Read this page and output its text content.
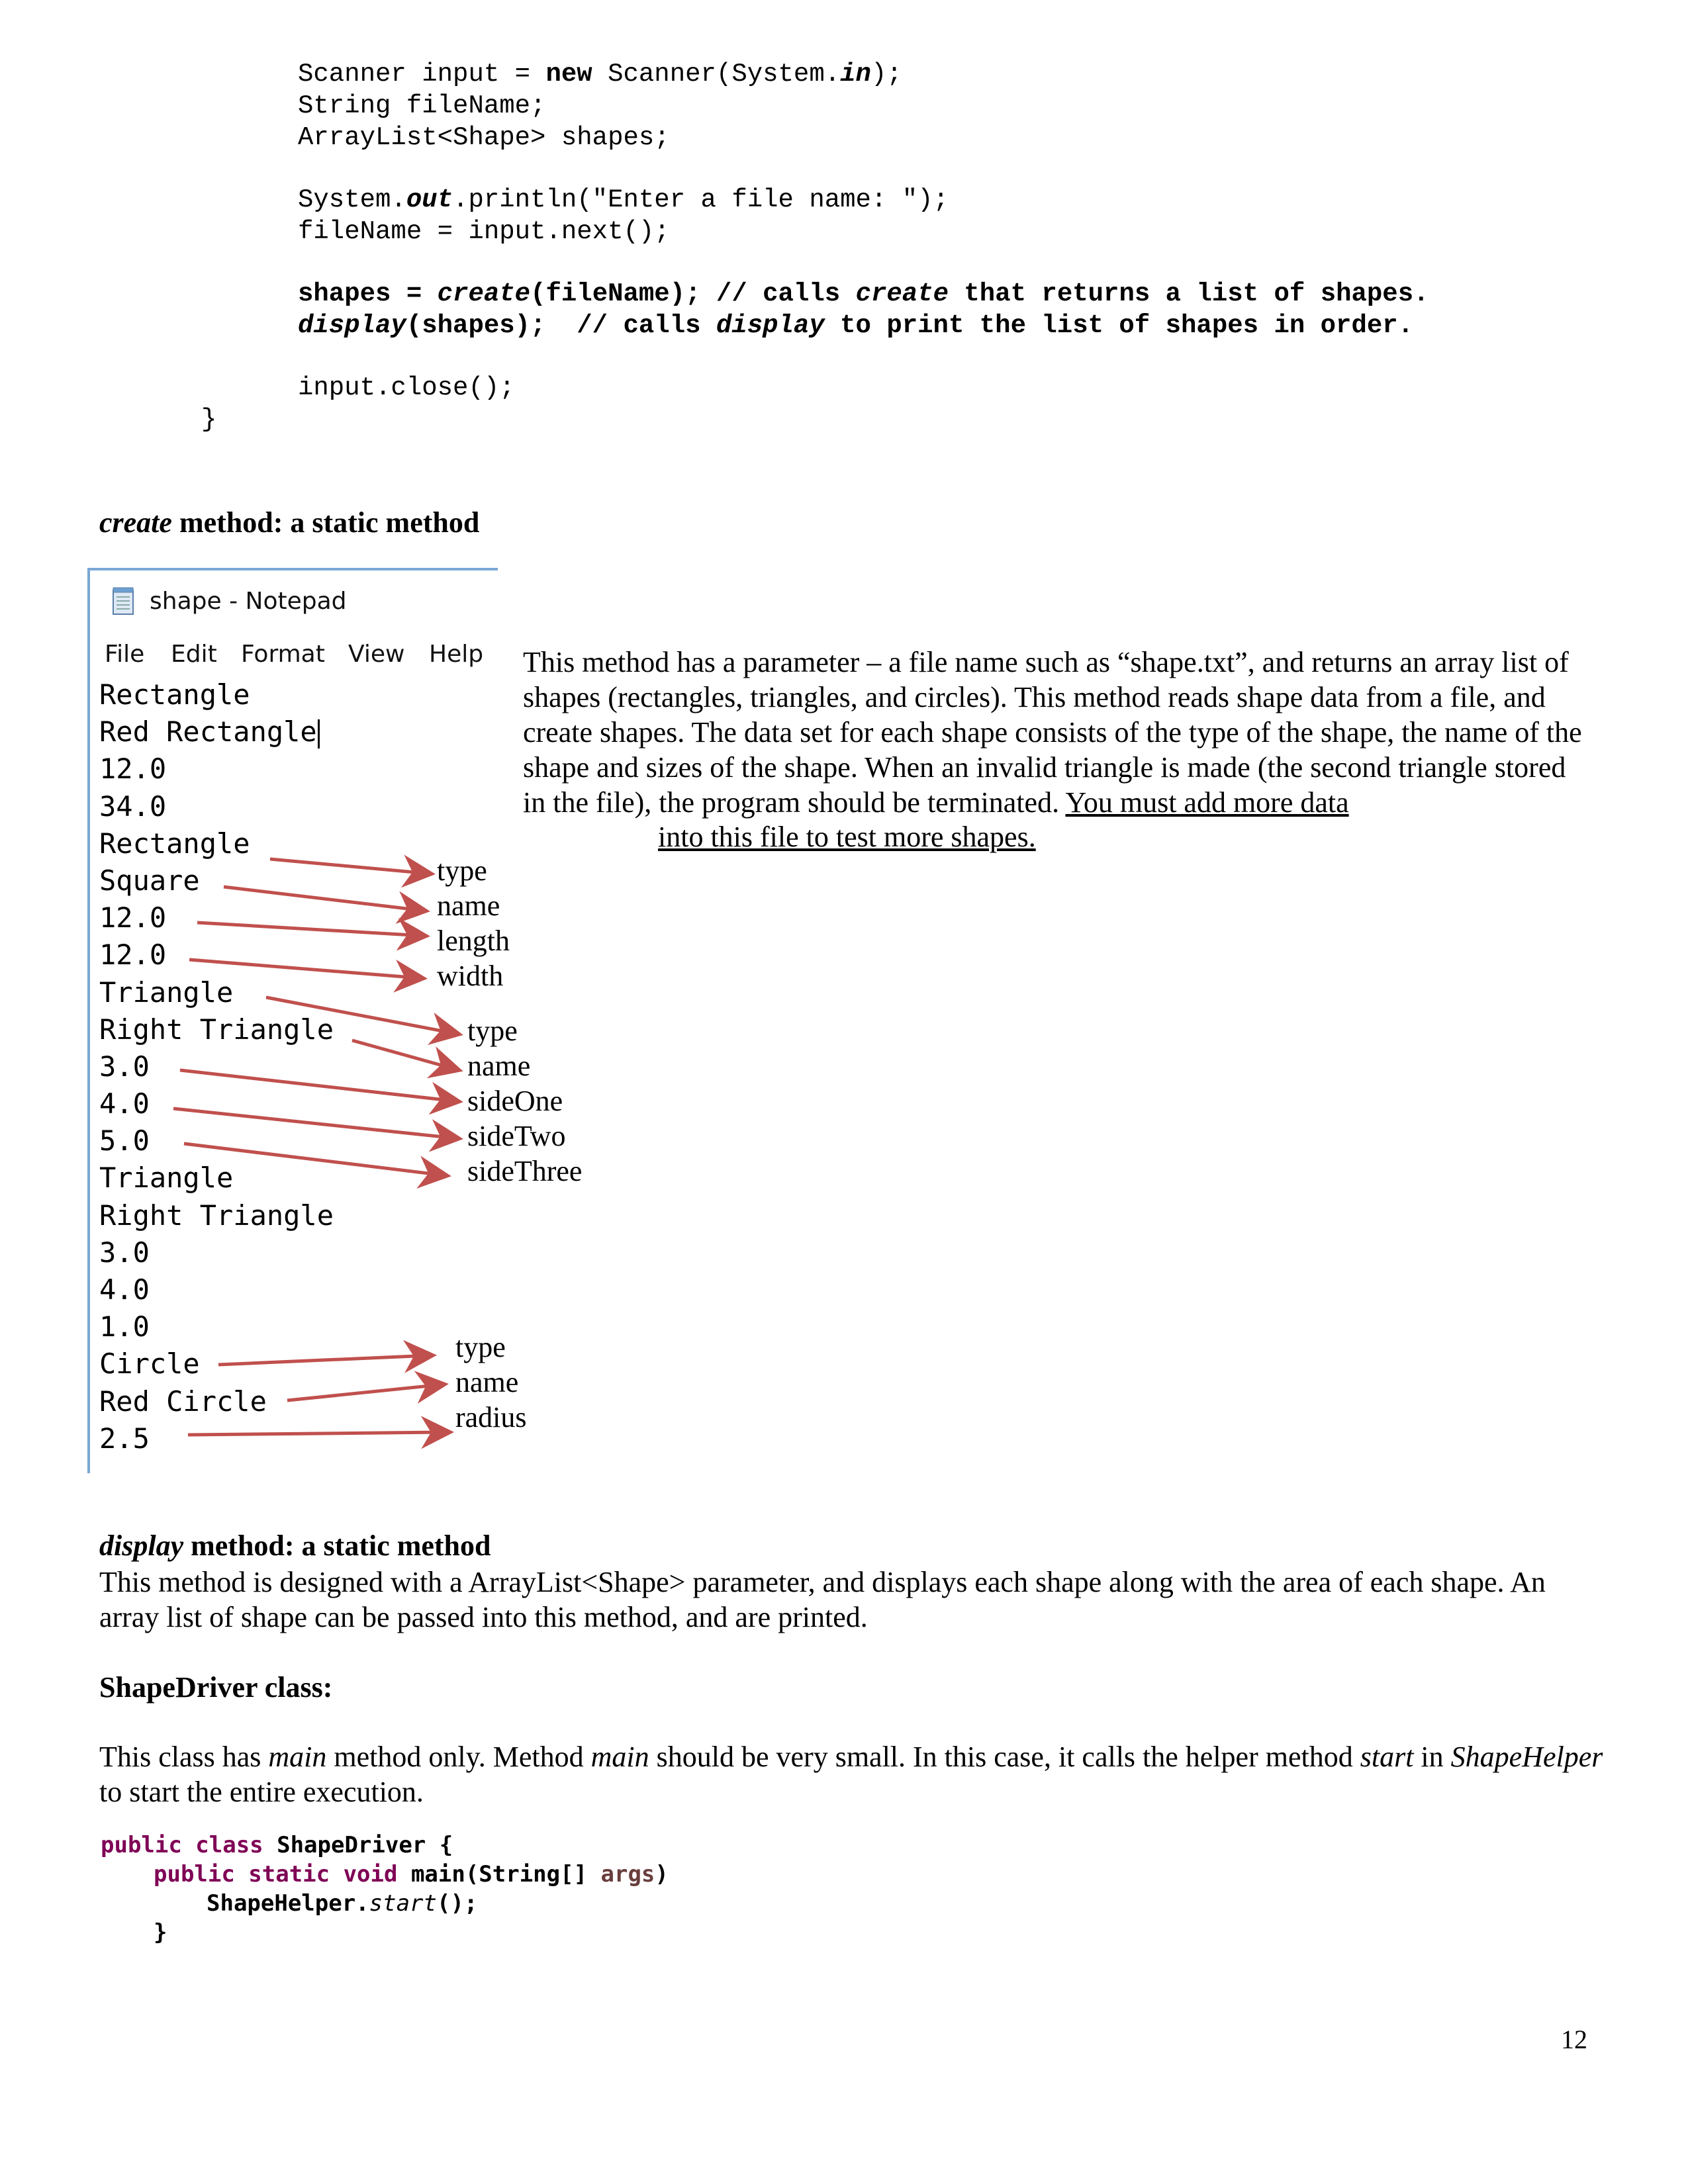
Scanner input = new Scanner(System.in);
String fileName;
ArrayList<Shape> shapes;
System.out.println("Enter a file name: ");
fileName = input.next();
shapes = create(fileName); // calls create that returns a list of shapes.
display(shapes);  // calls display to print the list of shapes in order.
input.close();
}
create method: a static method
shape - Notepad
File Edit Format View Help
Rectangle
Red Rectangle
12.0
34.0
Rectangle
Square
12.0
12.0
Triangle
Right Triangle
3.0
4.0
5.0
Triangle
Right Triangle
3.0
4.0
1.0
Circle
Red Circle
2.5
type
name
length
width
type
name
sideOne
sideTwo
sideThree
type
name
radius
This method has a parameter – a file name such as “shape.txt”, and returns an array list of shapes (rectangles, triangles, and circles). This method reads shape data from a file, and create shapes. The data set for each shape consists of the type of the shape, the name of the shape and sizes of the shape. When an invalid triangle is made (the second triangle stored in the file), the program should be terminated. You must add more data
into this file to test more shapes.
display method: a static method
This method is designed with a ArrayList<Shape> parameter, and displays each shape along with the area of each shape. An array list of shape can be passed into this method, and are printed.
ShapeDriver class:
This class has main method only. Method main should be very small. In this case, it calls the helper method start in ShapeHelper to start the entire execution.
public class ShapeDriver {
public static void main(String[] args)
ShapeHelper.start();
}
12
